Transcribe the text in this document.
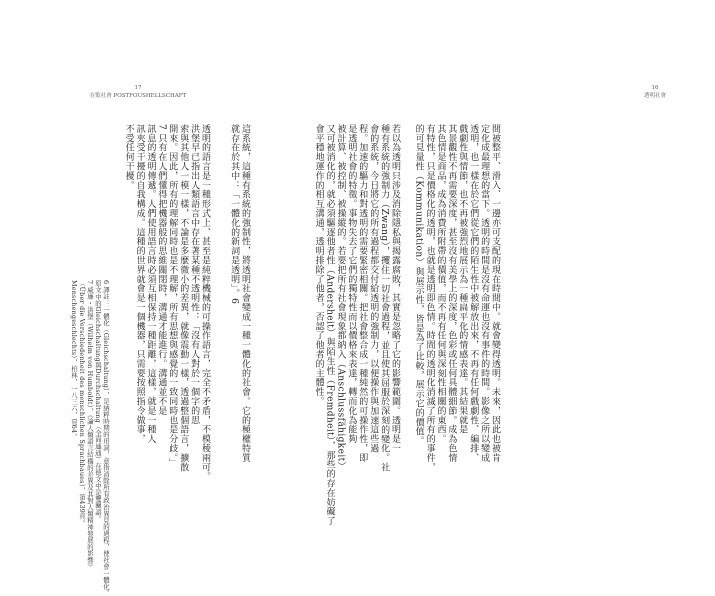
17
在監社會 POSTFOUSHELLSCHAFT
這系統，這種有系統的強制性，將透明社會變成一種一體化的社會。它的極權特質
就存在於其中：「一體化的新詞是透明」。6
透明的語言是一種形式上、甚至是純粹機械的可操作語言，完全不矛盾，不模稜兩可。
洪堡早已指出人類語言中存在著某種不透明性：「沒有人對於一個字的思
索與其他人一模一樣，不論是多麼微小的差異，就像震動一樣，透過整個語言，擴散
開來。因此，所有的理解同時也是不理解，所有思想與感覺的一致同時也是分歧。」
7 只有在人們懂得把機器般的思維關閉時，溝通才能進行。溝通並不是
訊息的透明傳遞。人們使用語言時必須互相保持一種距離，這樣，就是一種人
訊夾受干擾的自我構成。這種的世界就會是一個機器，只需要按照指令做事，
不受任何干擾。
6 譯註：一體化（Gleichschaltung），是納粹時期的用詞，意指消除所有政治異見的過程，使社會一體化。
原文中的Gleichschaltung與Durchschaltung（全面連通）在德文中是雙關語。
7 威廉・洪堡（Wilhelm von Humboldt），《論人類語言結構的差異及其對人類精神發展的影響》
（Über die Verschiedenheit des menschlichen Sprachbaues），第439頁。
Menschengeschlechts），柏林，一八三六，頁64。
16
透明社會
間被整平、滑入、一邊亦可支配的現在時間中。就會變得透明。未來，因此也被肯
定化成最理想的當下。透明的時間是沒有命運也沒有事件的時間。影像之所以變成
透明，也一樣在於它們從它們的陌生性中被解放出來，不再有任何戲劇性、編排、
戲劇性與情節，也不再被強烈地展示為一種扁平化的情感表達。其結果就是
其景觀性不再需要深度，甚至沒有美學上的深度，色彩或任何具體細節。成為色情
其色情是商品，成為消費所附帶的價值，而不再有任何與深刻性相關的東西。
有特性，只是價格化的透明，也就是透明即色情。時間的透明化消滅了所有的事件，
的可見量性（Kommunikation）與展示性，皆是為了比較，展示它的價值。
若以為透明只涉及消除隱私與揭露腐敗，其實是忽略了它的影響範圍。透明是一
種有系統的強制力（Zwang），攫住一切社會過程，並且使其屈服於深刻的變化。社
會的系統，今日將它的所有過程都交付給透明的強制力，以便操作與加速這些過
程。加速的驅力和對透明的需要緊密相關。把社會整合成一種純然的可操作性，即
是透明社會的特徵。事物失去了它們的獨特性而以價格來表達，轉而化為能夠
被計算、被控制、被操縱的。若要把所有社會現象都納入（Anschlussfähigkeit）
又可被消化的，就必須驅逐他者性（Andersheit）與陌生性（Fremdheit），那些的存在妨礙了
會平穩地運作的相互溝通，透明排除了他者，否認了他者的主體性。
